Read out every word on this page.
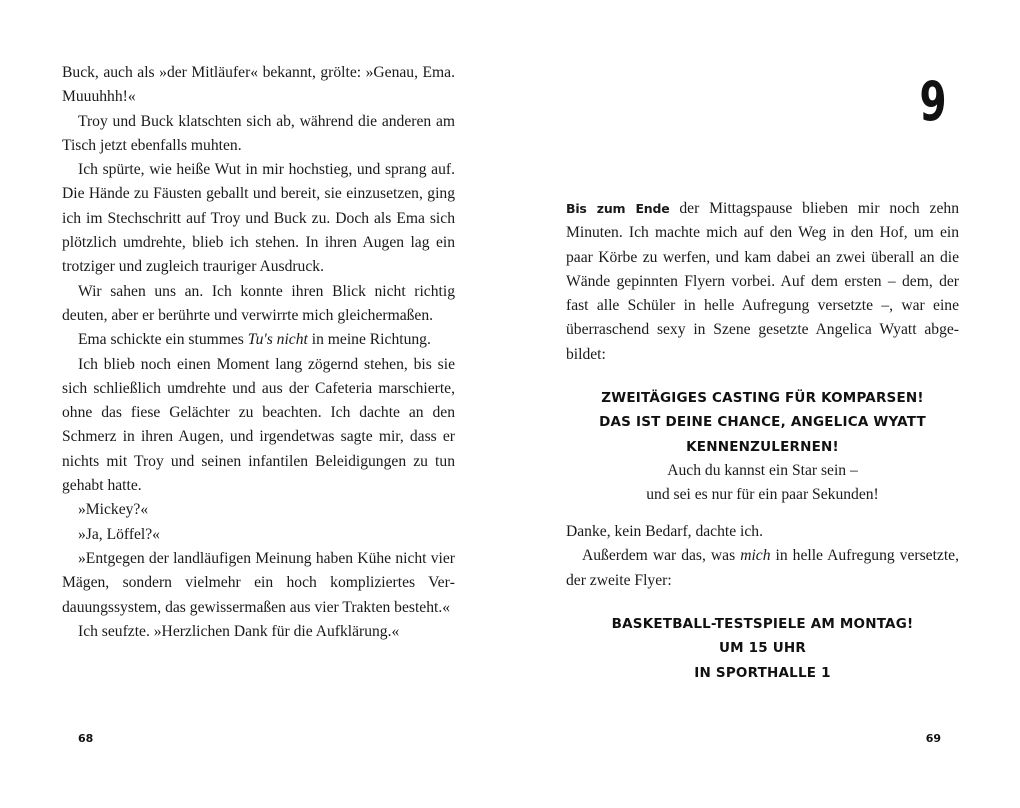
Buck, auch als »der Mitläufer« bekannt, grölte: »Genau, Ema. Muuuhhh!«

Troy und Buck klatschten sich ab, während die anderen am Tisch jetzt ebenfalls muhten.

Ich spürte, wie heiße Wut in mir hochstieg, und sprang auf. Die Hände zu Fäusten geballt und bereit, sie einzusetzen, ging ich im Stechschritt auf Troy und Buck zu. Doch als Ema sich plötzlich umdrehte, blieb ich stehen. In ihren Augen lag ein trotziger und zugleich trauriger Ausdruck.

Wir sahen uns an. Ich konnte ihren Blick nicht richtig deuten, aber er berührte und verwirrte mich gleichermaßen.

Ema schickte ein stummes Tu's nicht in meine Richtung.

Ich blieb noch einen Moment lang zögernd stehen, bis sie sich schließlich umdrehte und aus der Cafeteria marschierte, ohne das fiese Gelächter zu beachten. Ich dachte an den Schmerz in ihren Augen, und irgendetwas sagte mir, dass er nichts mit Troy und seinen infantilen Beleidigungen zu tun gehabt hatte.

»Mickey?«

»Ja, Löffel?«

»Entgegen der landläufigen Meinung haben Kühe nicht vier Mägen, sondern vielmehr ein hoch kompliziertes Verdauungssystem, das gewissermaßen aus vier Trakten besteht.«

Ich seufzte. »Herzlichen Dank für die Aufklärung.«

68
9

Bis zum Ende der Mittagspause blieben mir noch zehn Minuten. Ich machte mich auf den Weg in den Hof, um ein paar Körbe zu werfen, und kam dabei an zwei überall an die Wände gepinnten Flyern vorbei. Auf dem ersten – dem, der fast alle Schüler in helle Aufregung versetzte –, war eine überraschend sexy in Szene gesetzte Angelica Wyatt abgebildet:

ZWEITÄGIGES CASTING FÜR KOMPARSEN!
DAS IST DEINE CHANCE, ANGELICA WYATT
KENNENZULERNEN!
Auch du kannst ein Star sein –
und sei es nur für ein paar Sekunden!

Danke, kein Bedarf, dachte ich.

Außerdem war das, was mich in helle Aufregung versetzte, der zweite Flyer:

BASKETBALL-TESTSPIELE AM MONTAG!
UM 15 UHR
IN SPORTHALLE 1
69
